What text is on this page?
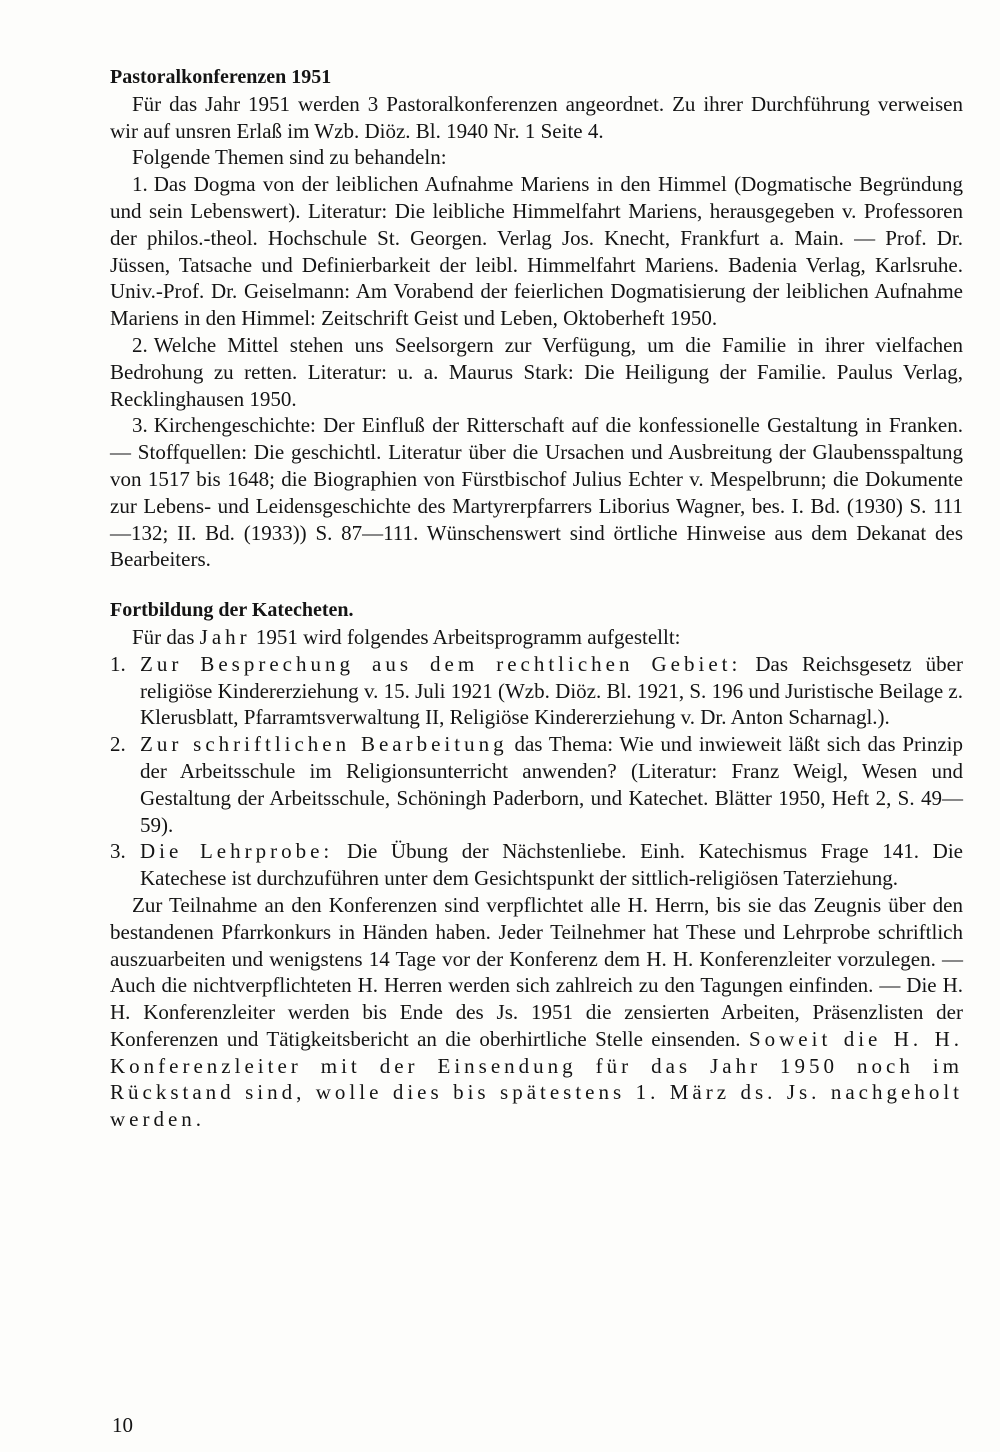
Pastoralkonferenzen 1951

Für das Jahr 1951 werden 3 Pastoralkonferenzen angeordnet. Zu ihrer Durchführung verweisen wir auf unsren Erlaß im Wzb. Diöz. Bl. 1940 Nr. 1 Seite 4.

Folgende Themen sind zu behandeln:

1. Das Dogma von der leiblichen Aufnahme Mariens in den Himmel (Dogmatische Begründung und sein Lebenswert). Literatur: Die leibliche Himmelfahrt Mariens, herausgegeben v. Professoren der philos.-theol. Hochschule St. Georgen. Verlag Jos. Knecht, Frankfurt a. Main. — Prof. Dr. Jüssen, Tatsache und Definierbarkeit der leibl. Himmelfahrt Mariens. Badenia Verlag, Karlsruhe. Univ.-Prof. Dr. Geiselmann: Am Vorabend der feierlichen Dogmatisierung der leiblichen Aufnahme Mariens in den Himmel: Zeitschrift Geist und Leben, Oktoberheft 1950.

2. Welche Mittel stehen uns Seelsorgern zur Verfügung, um die Familie in ihrer vielfachen Bedrohung zu retten. Literatur: u. a. Maurus Stark: Die Heiligung der Familie. Paulus Verlag, Recklinghausen 1950.

3. Kirchengeschichte: Der Einfluß der Ritterschaft auf die konfessionelle Gestaltung in Franken. — Stoffquellen: Die geschichtl. Literatur über die Ursachen und Ausbreitung der Glaubensspaltung von 1517 bis 1648; die Biographien von Fürstbischof Julius Echter v. Mespelbrunn; die Dokumente zur Lebens- und Leidensgeschichte des Martyrerpfarrers Liborius Wagner, bes. I. Bd. (1930) S. 111—132; II. Bd. (1933)) S. 87—111. Wünschenswert sind örtliche Hinweise aus dem Dekanat des Bearbeiters.

Fortbildung der Katecheten.

Für das Jahr 1951 wird folgendes Arbeitsprogramm aufgestellt:

1. Zur Besprechung aus dem rechtlichen Gebiet: Das Reichsgesetz über religiöse Kindererziehung v. 15. Juli 1921 (Wzb. Diöz. Bl. 1921, S. 196 und Juristische Beilage z. Klerusblatt, Pfarramtsverwaltung II, Religiöse Kindererziehung v. Dr. Anton Scharnagl.).
2. Zur schriftlichen Bearbeitung das Thema: Wie und inwieweit läßt sich das Prinzip der Arbeitsschule im Religionsunterricht anwenden? (Literatur: Franz Weigl, Wesen und Gestaltung der Arbeitsschule, Schöningh Paderborn, und Katechet. Blätter 1950, Heft 2, S. 49—59).
3. Die Lehrprobe: Die Übung der Nächstenliebe. Einh. Katechismus Frage 141. Die Katechese ist durchzuführen unter dem Gesichtspunkt der sittlich-religiösen Taterziehung.

Zur Teilnahme an den Konferenzen sind verpflichtet alle H. Herrn, bis sie das Zeugnis über den bestandenen Pfarrkonkurs in Händen haben. Jeder Teilnehmer hat These und Lehrprobe schriftlich auszuarbeiten und wenigstens 14 Tage vor der Konferenz dem H. H. Konferenzleiter vorzulegen. — Auch die nichtverpflichteten H. Herren werden sich zahlreich zu den Tagungen einfinden. — Die H. H. Konferenzleiter werden bis Ende des Js. 1951 die zensierten Arbeiten, Präsenzlisten der Konferenzen und Tätigkeitsbericht an die oberhirtliche Stelle einsenden. Soweit die H. H. Konferenzleiter mit der Einsendung für das Jahr 1950 noch im Rückstand sind, wolle dies bis spätestens 1. März ds. Js. nachgeholt werden.

10
